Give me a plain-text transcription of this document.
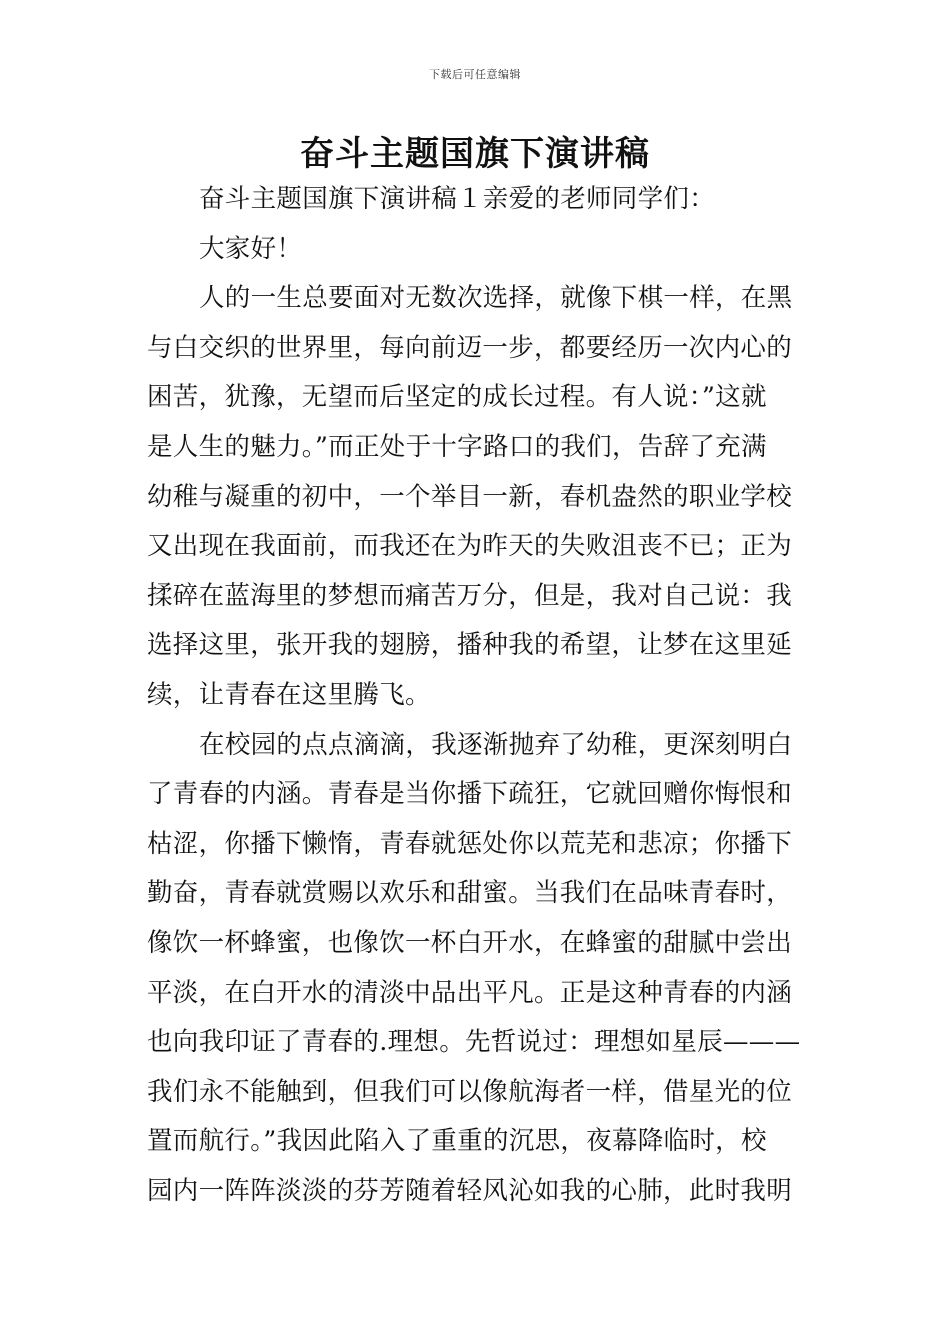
下载后可任意编辑
奋斗主题国旗下演讲稿
奋斗主题国旗下演讲稿１亲爱的老师同学们：
大家好！
人的一生总要面对无数次选择，就像下棋一样，在黑
与白交织的世界里，每向前迈一步，都要经历一次内心的
困苦，犹豫，无望而后坚定的成长过程。有人说：”这就
是人生的魅力。”而正处于十字路口的我们，告辞了充满
幼稚与凝重的初中，一个举目一新，春机盎然的职业学校
又出现在我面前，而我还在为昨天的失败沮丧不已；正为
揉碎在蓝海里的梦想而痛苦万分，但是，我对自己说：我
选择这里，张开我的翅膀，播种我的希望，让梦在这里延
续，让青春在这里腾飞。
在校园的点点滴滴，我逐渐抛弃了幼稚，更深刻明白
了青春的内涵。青春是当你播下疏狂，它就回赠你悔恨和
枯涩，你播下懒惰，青春就惩处你以荒芜和悲凉；你播下
勤奋，青春就赏赐以欢乐和甜蜜。当我们在品味青春时，
像饮一杯蜂蜜，也像饮一杯白开水，在蜂蜜的甜腻中尝出
平淡，在白开水的清淡中品出平凡。正是这种青春的内涵
也向我印证了青春的.理想。先哲说过：理想如星辰———
我们永不能触到，但我们可以像航海者一样，借星光的位
置而航行。”我因此陷入了重重的沉思，夜幕降临时，校
园内一阵阵淡淡的芬芳随着轻风沁如我的心肺，此时我明
